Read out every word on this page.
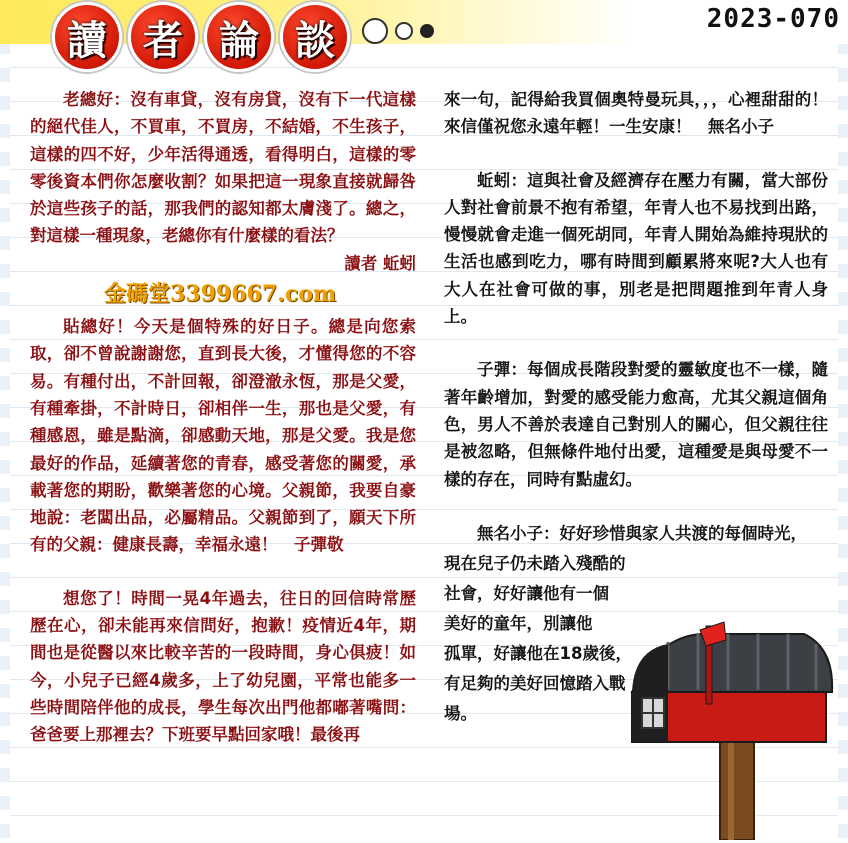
讀 者 論 談	2023-070

老總好：沒有車貸，沒有房貸，沒有下一代這樣的絕代佳人，不買車，不買房，不結婚，不生孩子，這樣的四不好，少年活得通透，看得明白，這樣的零零後資本們你怎麼收割？如果把這一現象直接就歸咎於這些孩子的話，那我們的認知都太膚淺了。總之，對這樣一種現象，老總你有什麼樣的看法？

讀者 蚯蚓

金碼堂3399667.com

貼總好！今天是個特殊的好日子。總是向您索取，卻不曾說謝謝您，直到長大後，才懂得您的不容易。有種付出，不計回報，卻澄澈永恆，那是父愛，有種牽掛，不計時日，卻相伴一生，那也是父愛，有種感恩，雖是點滴，卻感動天地，那是父愛。我是您最好的作品，延續著您的青春，感受著您的關愛，承載著您的期盼，歡樂著您的心境。父親節，我要自豪地說：老闆出品，必屬精品。父親節到了，願天下所有的父親：健康長壽，幸福永遠！　子彈敬

想您了！時間一晃4年過去，往日的回信時常歷歷在心，卻未能再來信問好，抱歉！疫情近4年，期間也是從醫以來比較辛苦的一段時間，身心俱疲！如今，小兒子已經4歲多，上了幼兒園，平常也能多一些時間陪伴他的成長，學生每次出門他都嘟著嘴問：爸爸要上那裡去？下班要早點回家哦！最後再

來一句，記得給我買個奧特曼玩具，，，心裡甜甜的！來信僅祝您永遠年輕！一生安康！　無名小子

蚯蚓：這與社會及經濟存在壓力有關，當大部份人對社會前景不抱有希望，年青人也不易找到出路，慢慢就會走進一個死胡同，年青人開始為維持現狀的生活也感到吃力，哪有時間到顧累將來呢?大人也有大人在社會可做的事，別老是把問題推到年青人身上。

子彈：每個成長階段對愛的靈敏度也不一樣，隨著年齡增加，對愛的感受能力愈高，尤其父親這個角色，男人不善於表達自己對別人的關心，但父親往往是被忽略，但無條件地付出愛，這種愛是與母愛不一樣的存在，同時有點虛幻。

無名小子：好好珍惜與家人共渡的每個時光，
現在兒子仍未踏入殘酷的
社會，好好讓他有一個
美好的童年，別讓他
孤單，好讓他在18歲後，
有足夠的美好回憶踏入戰
場。
